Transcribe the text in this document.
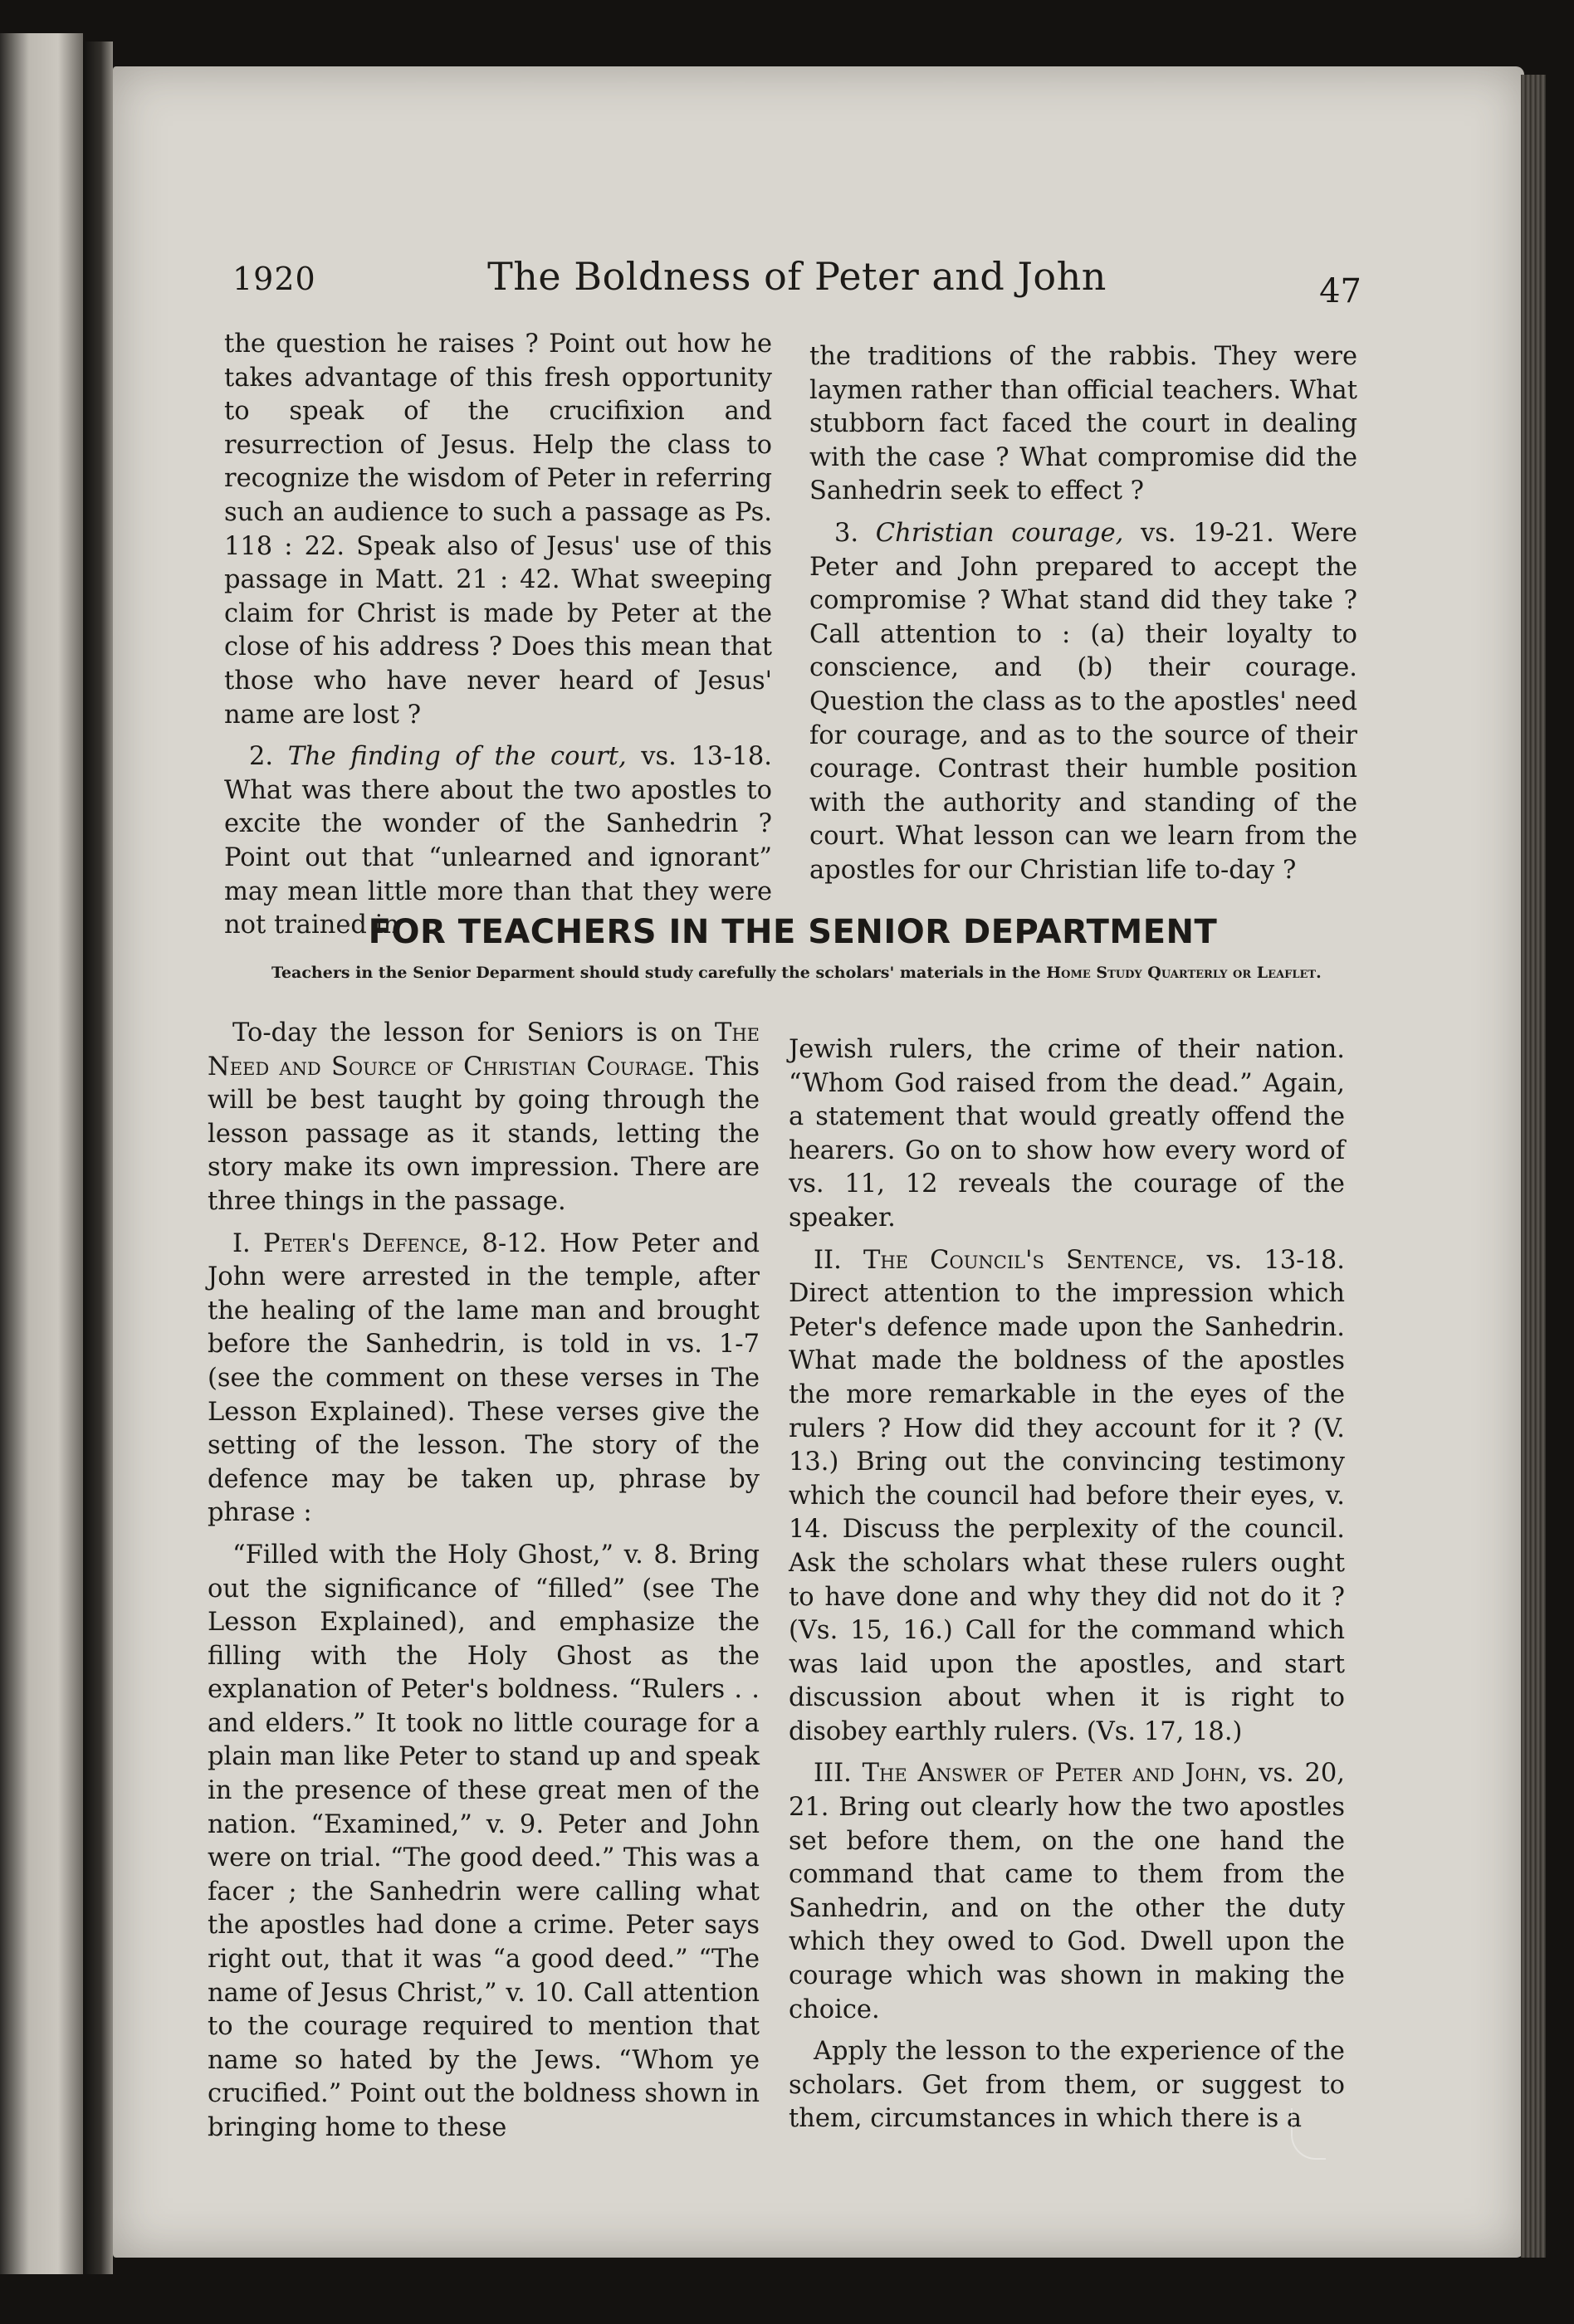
1920	The Boldness of Peter and John	47

the question he raises ? Point out how he takes advantage of this fresh opportunity to speak of the crucifixion and resurrection of Jesus. Help the class to recognize the wisdom of Peter in referring such an audience to such a passage as Ps. 118 : 22. Speak also of Jesus' use of this passage in Matt. 21 : 42. What sweeping claim for Christ is made by Peter at the close of his address ? Does this mean that those who have never heard of Jesus' name are lost ?

2. The finding of the court, vs. 13-18. What was there about the two apostles to excite the wonder of the Sanhedrin ? Point out that “unlearned and ignorant” may mean little more than that they were not trained in

the traditions of the rabbis. They were laymen rather than official teachers. What stubborn fact faced the court in dealing with the case ? What compromise did the Sanhedrin seek to effect ?

3. Christian courage, vs. 19-21. Were Peter and John prepared to accept the compromise ? What stand did they take ? Call attention to : (a) their loyalty to conscience, and (b) their courage. Question the class as to the apostles' need for courage, and as to the source of their courage. Contrast their humble position with the authority and standing of the court. What lesson can we learn from the apostles for our Christian life to-day ?

FOR TEACHERS IN THE SENIOR DEPARTMENT
Teachers in the Senior Deparment should study carefully the scholars' materials in the Home Study Quarterly or Leaflet.

To-day the lesson for Seniors is on The Need and Source of Christian Courage. This will be best taught by going through the lesson passage as it stands, letting the story make its own impression. There are three things in the passage.

I. Peter's Defence, 8-12. How Peter and John were arrested in the temple, after the healing of the lame man and brought before the Sanhedrin, is told in vs. 1-7 (see the comment on these verses in The Lesson Explained). These verses give the setting of the lesson. The story of the defence may be taken up, phrase by phrase :

“Filled with the Holy Ghost,” v. 8. Bring out the significance of “filled” (see The Lesson Explained), and emphasize the filling with the Holy Ghost as the explanation of Peter's boldness. “Rulers . . and elders.” It took no little courage for a plain man like Peter to stand up and speak in the presence of these great men of the nation. “Examined,” v. 9. Peter and John were on trial. “The good deed.” This was a facer ; the Sanhedrin were calling what the apostles had done a crime. Peter says right out, that it was “a good deed.” “The name of Jesus Christ,” v. 10. Call attention to the courage required to mention that name so hated by the Jews. “Whom ye crucified.” Point out the boldness shown in bringing home to these

Jewish rulers, the crime of their nation. “Whom God raised from the dead.” Again, a statement that would greatly offend the hearers. Go on to show how every word of vs. 11, 12 reveals the courage of the speaker.

II. The Council's Sentence, vs. 13-18. Direct attention to the impression which Peter's defence made upon the Sanhedrin. What made the boldness of the apostles the more remarkable in the eyes of the rulers ? How did they account for it ? (V. 13.) Bring out the convincing testimony which the council had before their eyes, v. 14. Discuss the perplexity of the council. Ask the scholars what these rulers ought to have done and why they did not do it ? (Vs. 15, 16.) Call for the command which was laid upon the apostles, and start discussion about when it is right to disobey earthly rulers. (Vs. 17, 18.)

III. The Answer of Peter and John, vs. 20, 21. Bring out clearly how the two apostles set before them, on the one hand the command that came to them from the Sanhedrin, and on the other the duty which they owed to God. Dwell upon the courage which was shown in making the choice.

Apply the lesson to the experience of the scholars. Get from them, or suggest to them, circumstances in which there is a
